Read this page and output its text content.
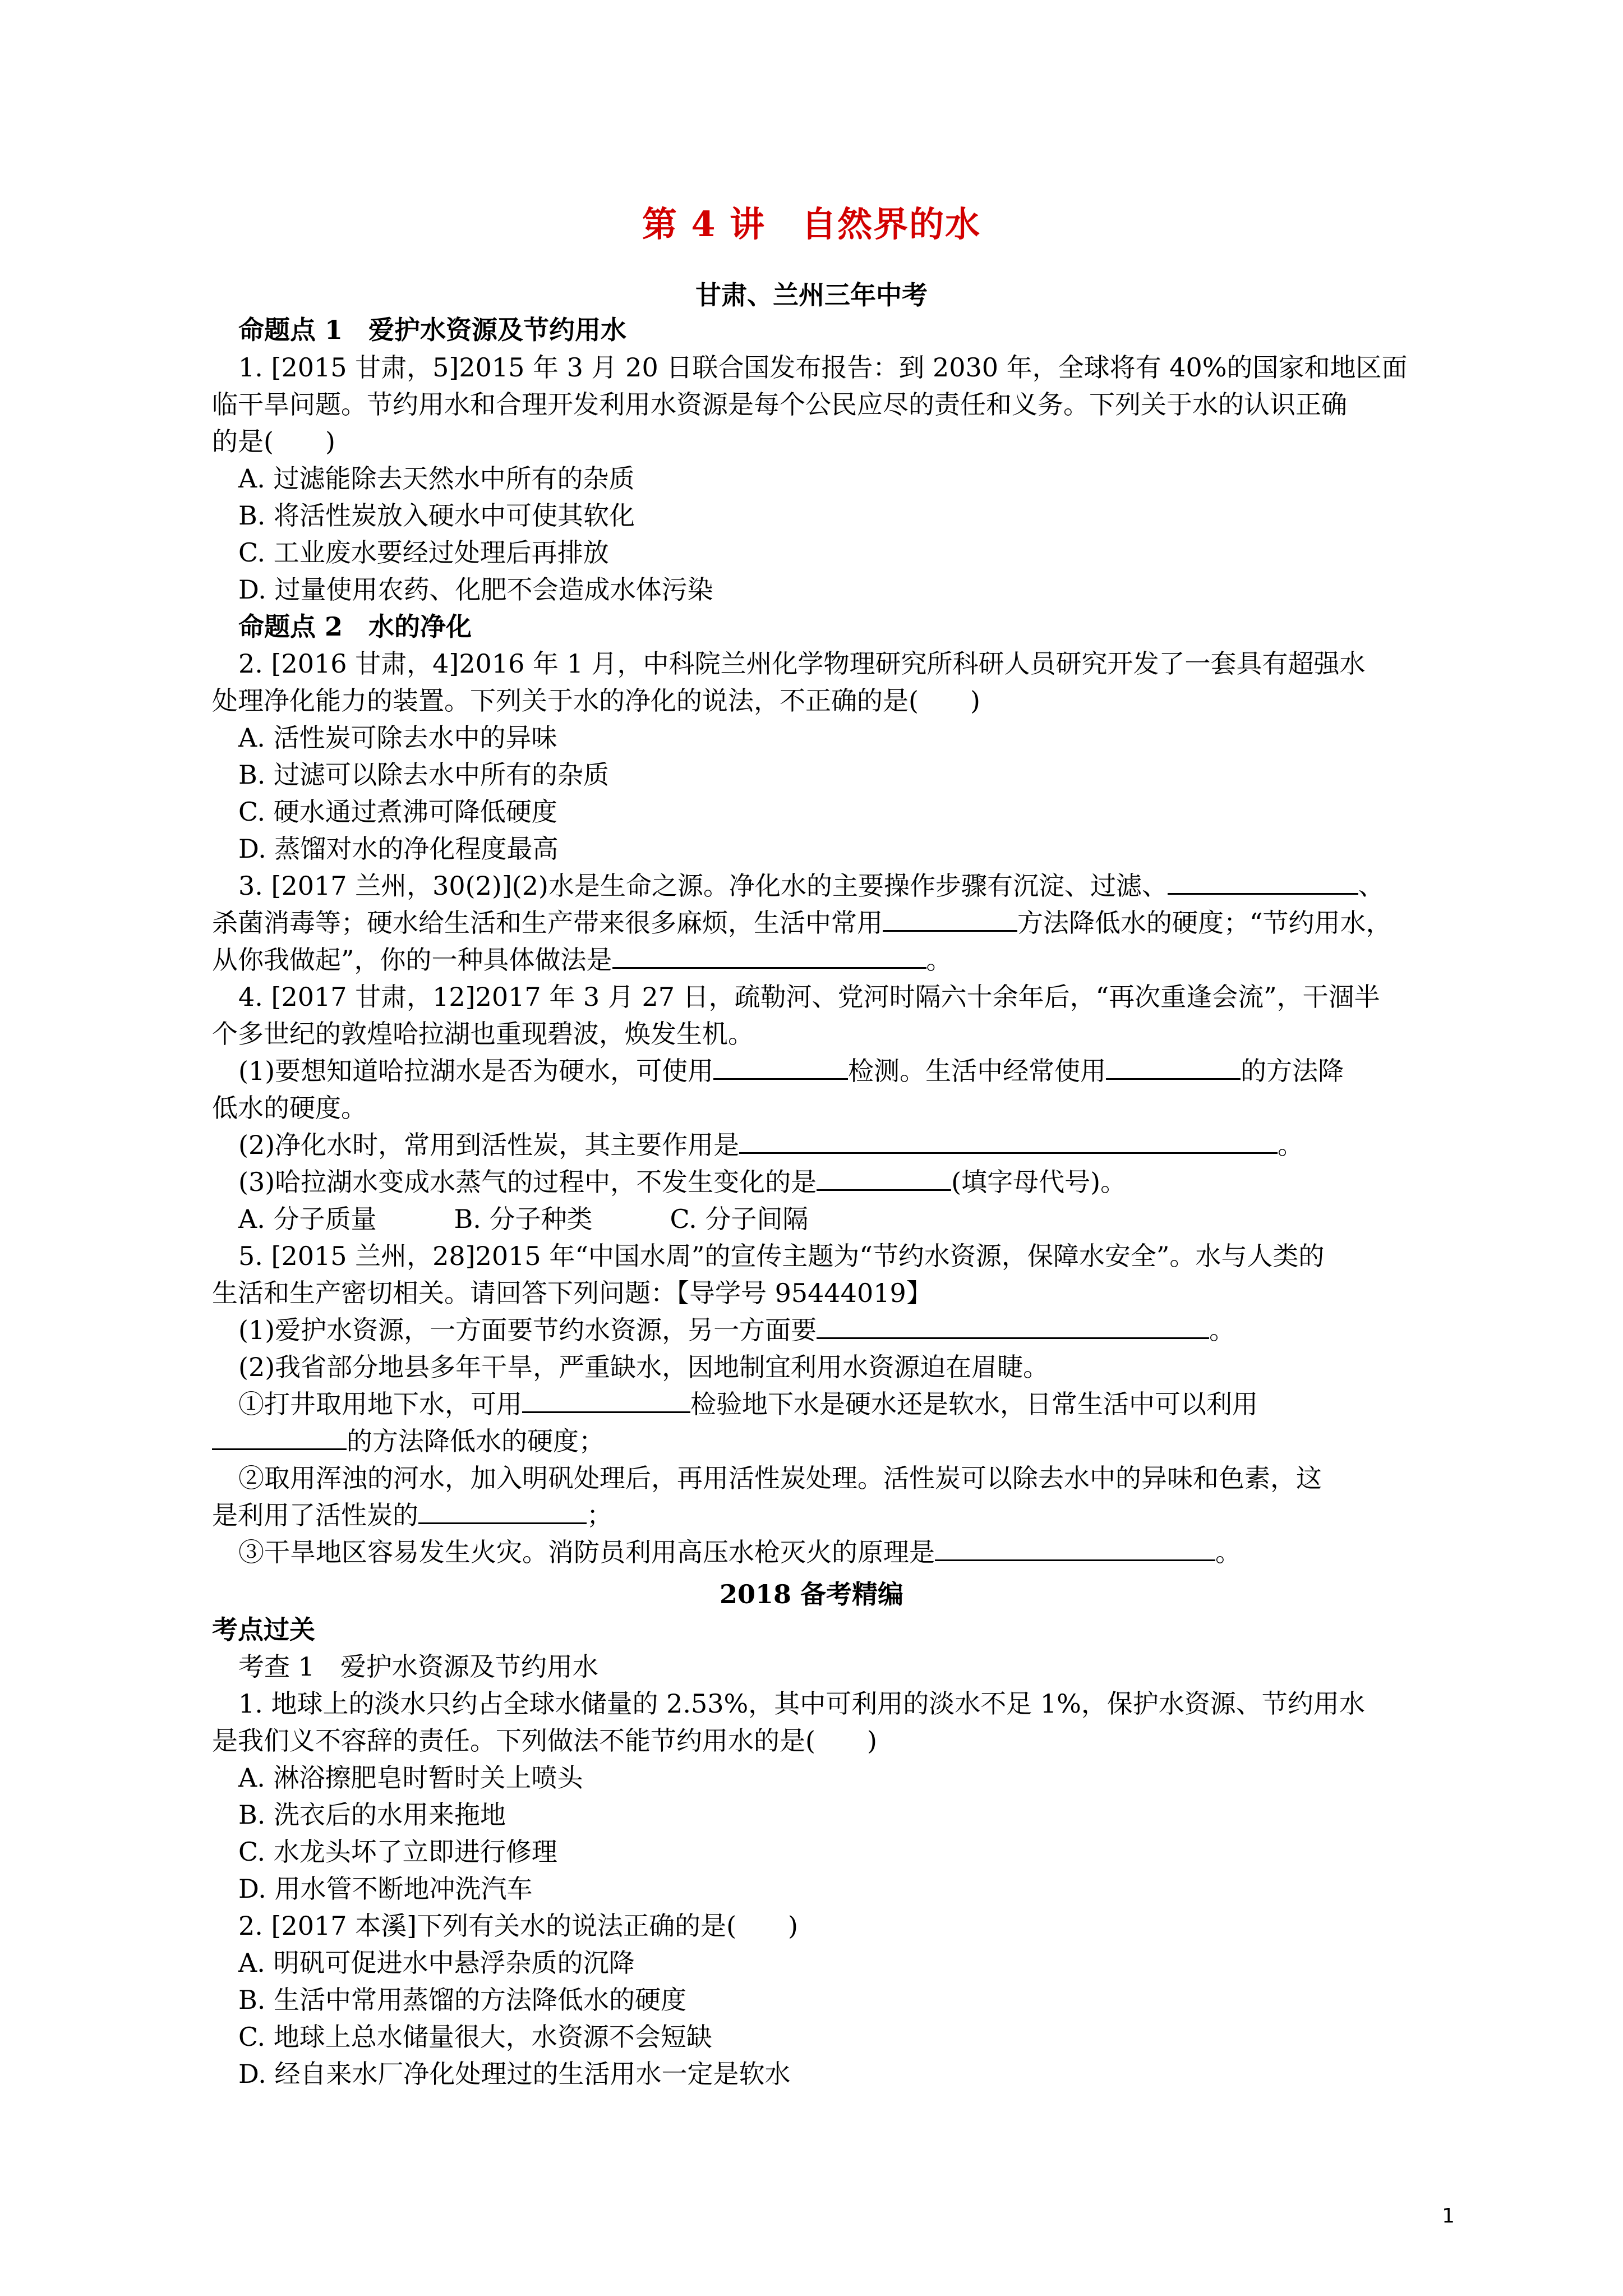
第 4 讲　自然界的水
甘肃、兰州三年中考
命题点 1　爱护水资源及节约用水
1. [2015 甘肃，5]2015 年 3 月 20 日联合国发布报告：到 2030 年，全球将有 40%的国家和地区面
临干旱问题。节约用水和合理开发利用水资源是每个公民应尽的责任和义务。下列关于水的认识正确
的是(　　)
A. 过滤能除去天然水中所有的杂质
B. 将活性炭放入硬水中可使其软化
C. 工业废水要经过处理后再排放
D. 过量使用农药、化肥不会造成水体污染
命题点 2　水的净化
2. [2016 甘肃，4]2016 年 1 月，中科院兰州化学物理研究所科研人员研究开发了一套具有超强水
处理净化能力的装置。下列关于水的净化的说法，不正确的是(　　)
A. 活性炭可除去水中的异味
B. 过滤可以除去水中所有的杂质
C. 硬水通过煮沸可降低硬度
D. 蒸馏对水的净化程度最高
3. [2017 兰州，30(2)](2)水是生命之源。净化水的主要操作步骤有沉淀、过滤、	、
杀菌消毒等；硬水给生活和生产带来很多麻烦，生活中常用	方法降低水的硬度；“节约用水，
从你我做起”，你的一种具体做法是	。
4. [2017 甘肃，12]2017 年 3 月 27 日，疏勒河、党河时隔六十余年后，“再次重逢会流”，干涸半
个多世纪的敦煌哈拉湖也重现碧波，焕发生机。
(1)要想知道哈拉湖水是否为硬水，可使用	检测。生活中经常使用	的方法降
低水的硬度。
(2)净化水时，常用到活性炭，其主要作用是	。
(3)哈拉湖水变成水蒸气的过程中，不发生变化的是	(填字母代号)。
A. 分子质量　　　B. 分子种类　　　C. 分子间隔
5. [2015 兰州，28]2015 年“中国水周”的宣传主题为“节约水资源，保障水安全”。水与人类的
生活和生产密切相关。请回答下列问题：【导学号 95444019】
(1)爱护水资源，一方面要节约水资源，另一方面要	。
(2)我省部分地县多年干旱，严重缺水，因地制宜利用水资源迫在眉睫。
①打井取用地下水，可用	检验地下水是硬水还是软水，日常生活中可以利用
的方法降低水的硬度；
②取用浑浊的河水，加入明矾处理后，再用活性炭处理。活性炭可以除去水中的异味和色素，这
是利用了活性炭的	；
③干旱地区容易发生火灾。消防员利用高压水枪灭火的原理是	。
2018 备考精编
考点过关
考查 1　爱护水资源及节约用水
1. 地球上的淡水只约占全球水储量的 2.53%，其中可利用的淡水不足 1%，保护水资源、节约用水
是我们义不容辞的责任。下列做法不能节约用水的是(　　)
A. 淋浴擦肥皂时暂时关上喷头
B. 洗衣后的水用来拖地
C. 水龙头坏了立即进行修理
D. 用水管不断地冲洗汽车
2. [2017 本溪]下列有关水的说法正确的是(　　)
A. 明矾可促进水中悬浮杂质的沉降
B. 生活中常用蒸馏的方法降低水的硬度
C. 地球上总水储量很大，水资源不会短缺
D. 经自来水厂净化处理过的生活用水一定是软水
1
